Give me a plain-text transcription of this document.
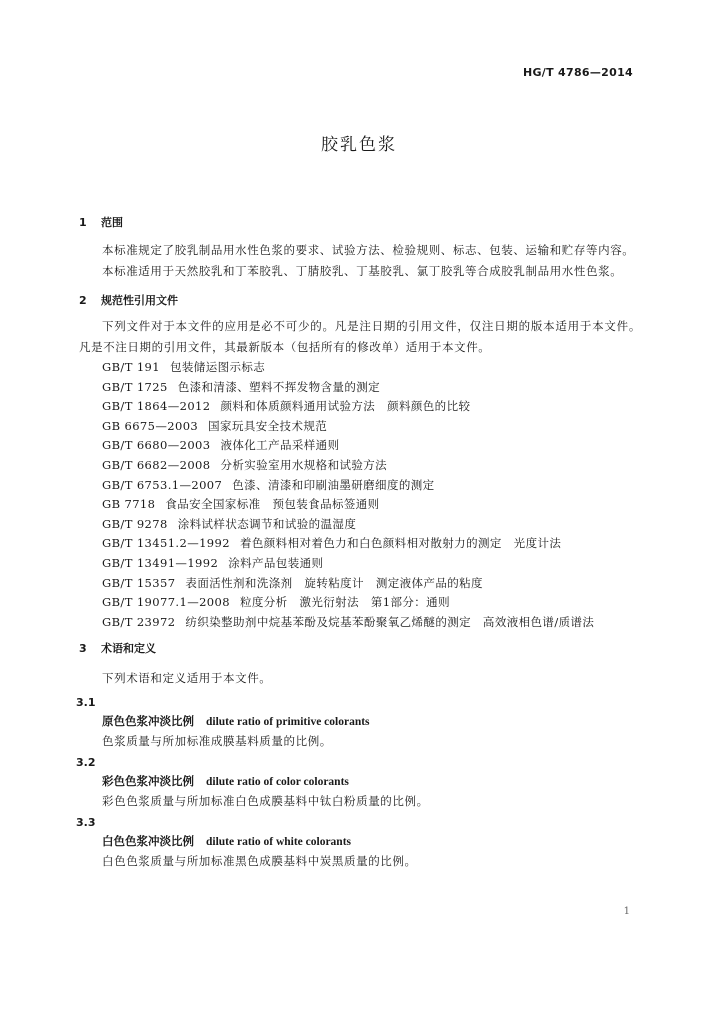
HG/T 4786—2014
胶乳色浆
1 范围
本标准规定了胶乳制品用水性色浆的要求、试验方法、检验规则、标志、包装、运输和贮存等内容。
本标准适用于天然胶乳和丁苯胶乳、丁腈胶乳、丁基胶乳、氯丁胶乳等合成胶乳制品用水性色浆。
2 规范性引用文件
下列文件对于本文件的应用是必不可少的。凡是注日期的引用文件，仅注日期的版本适用于本文件。凡是不注日期的引用文件，其最新版本（包括所有的修改单）适用于本文件。
GB/T 191 包装储运图示标志
GB/T 1725 色漆和清漆、塑料不挥发物含量的测定
GB/T 1864—2012 颜料和体质颜料通用试验方法　颜料颜色的比较
GB 6675—2003 国家玩具安全技术规范
GB/T 6680—2003 液体化工产品采样通则
GB/T 6682—2008 分析实验室用水规格和试验方法
GB/T 6753.1—2007 色漆、清漆和印刷油墨研磨细度的测定
GB 7718 食品安全国家标准　预包装食品标签通则
GB/T 9278 涂料试样状态调节和试验的温湿度
GB/T 13451.2—1992 着色颜料相对着色力和白色颜料相对散射力的测定　光度计法
GB/T 13491—1992 涂料产品包装通则
GB/T 15357 表面活性剂和洗涤剂　旋转粘度计　测定液体产品的粘度
GB/T 19077.1—2008 粒度分析　激光衍射法　第1部分：通则
GB/T 23972 纺织染整助剂中烷基苯酚及烷基苯酚聚氧乙烯醚的测定　高效液相色谱/质谱法
3 术语和定义
下列术语和定义适用于本文件。
3.1
原色色浆冲淡比例 dilute ratio of primitive colorants
色浆质量与所加标准成膜基料质量的比例。
3.2
彩色色浆冲淡比例 dilute ratio of color colorants
彩色色浆质量与所加标准白色成膜基料中钛白粉质量的比例。
3.3
白色色浆冲淡比例 dilute ratio of white colorants
白色色浆质量与所加标准黑色成膜基料中炭黑质量的比例。
1
